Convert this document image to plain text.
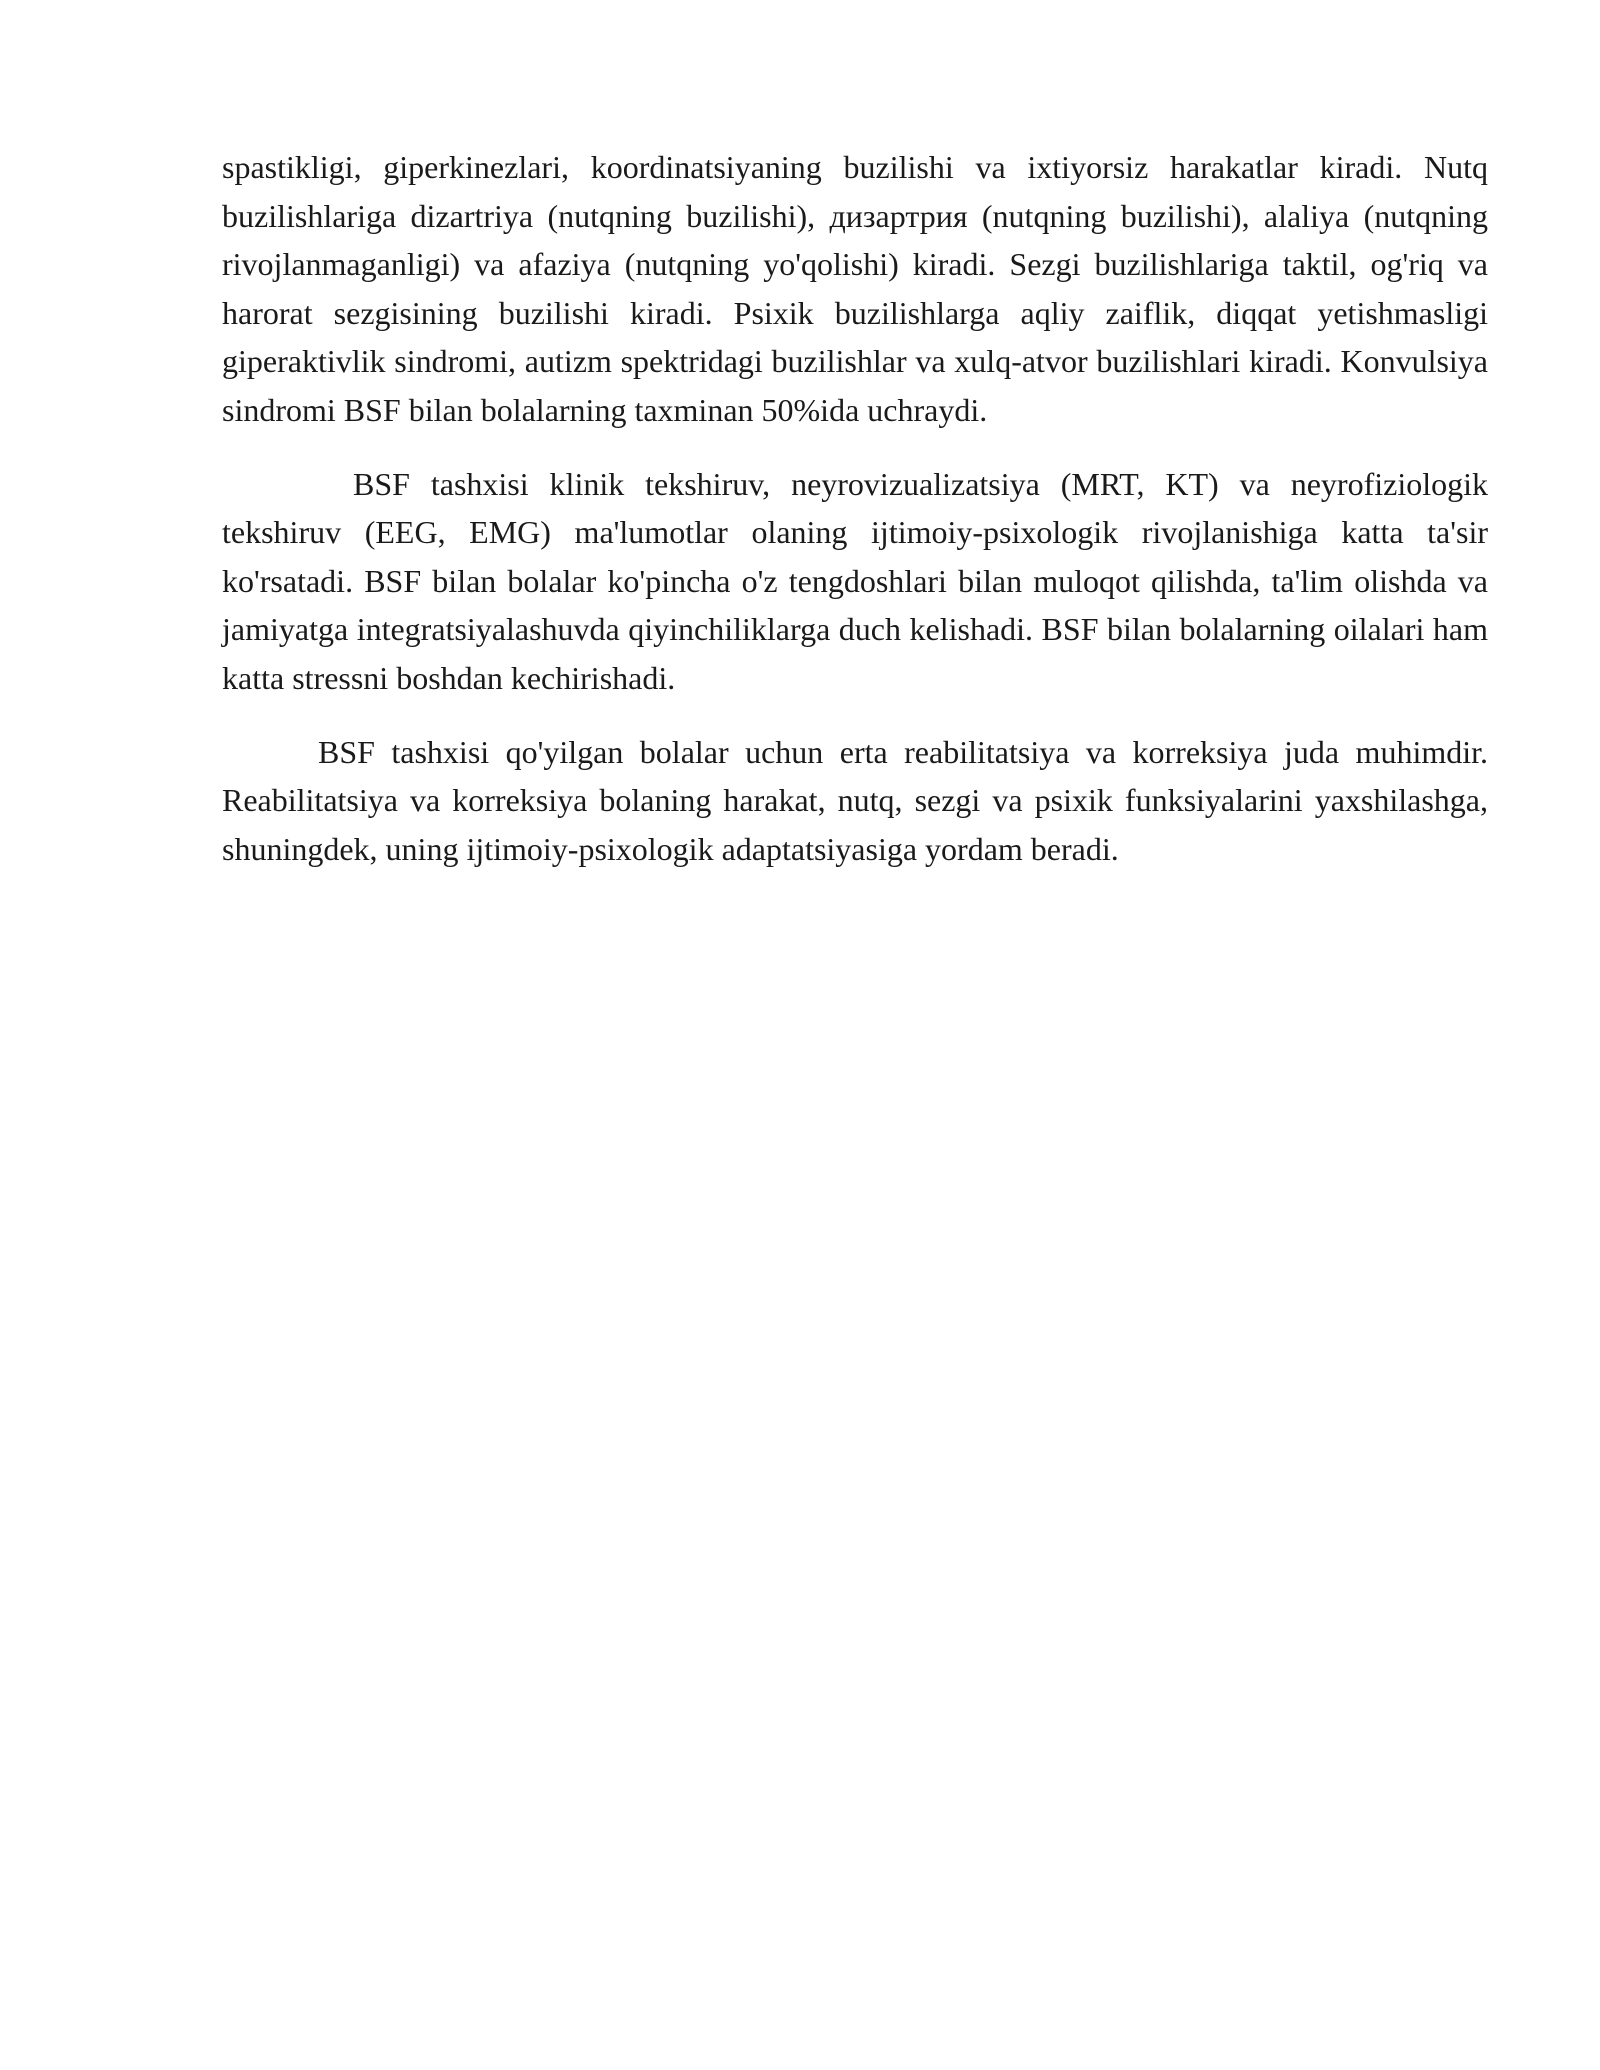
spastikligi, giperkinezlari, koordinatsiyaning buzilishi va ixtiyorsiz harakatlar kiradi. Nutq buzilishlariga dizartriya (nutqning buzilishi), дизартрия (nutqning buzilishi), alaliya (nutqning rivojlanmaganligi) va afaziya (nutqning yo'qolishi) kiradi. Sezgi buzilishlariga taktil, og'riq va harorat sezgisining buzilishi kiradi. Psixik buzilishlarga aqliy zaiflik, diqqat yetishmasligi giperaktivlik sindromi, autizm spektridagi buzilishlar va xulq-atvor buzilishlari kiradi. Konvulsiya sindromi BSF bilan bolalarning taxminan 50%ida uchraydi.

BSF tashxisi klinik tekshiruv, neyrovizualizatsiya (MRT, KT) va neyrofiziologik tekshiruv (EEG, EMG) ma'lumotlar olaning ijtimoiy-psixologik rivojlanishiga katta ta'sir ko'rsatadi. BSF bilan bolalar ko'pincha o'z tengdoshlari bilan muloqot qilishda, ta'lim olishda va jamiyatga integratsiyalashuvda qiyinchiliklarga duch kelishadi. BSF bilan bolalarning oilalari ham katta stressni boshdan kechirishadi.

BSF tashxisi qo'yilgan bolalar uchun erta reabilitatsiya va korreksiya juda muhimdir. Reabilitatsiya va korreksiya bolaning harakat, nutq, sezgi va psixik funksiyalarini yaxshilashga, shuningdek, uning ijtimoiy-psixologik adaptatsiyasiga yordam beradi.
